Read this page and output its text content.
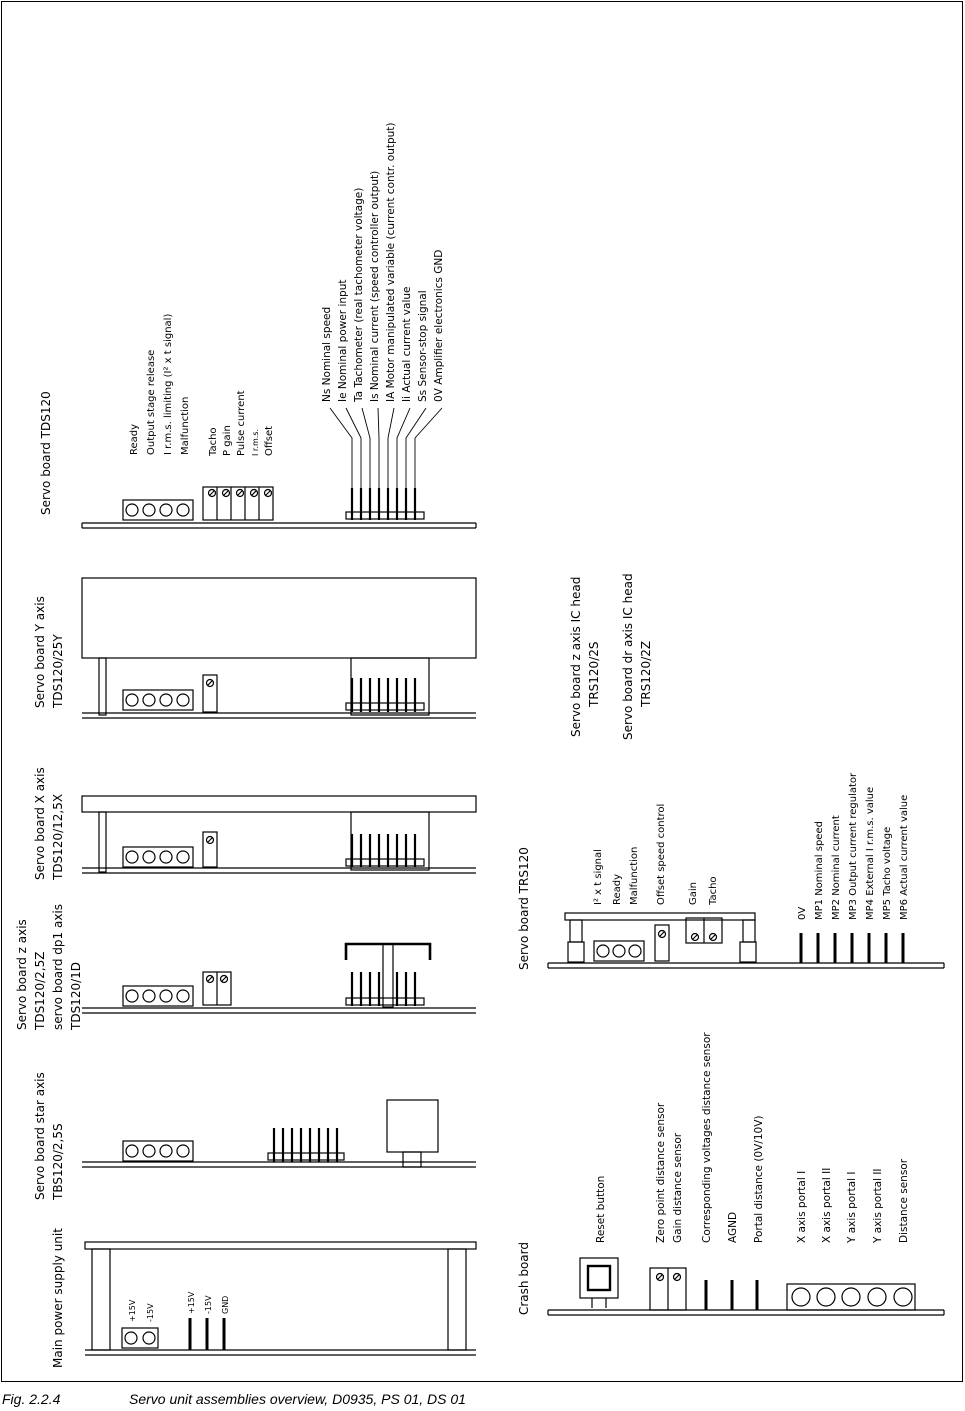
Servo board TDS120	Ready Output stage release I r.m.s. limiting (I² x t signal) Malfunction Tacho P gain Pulse current I r.m.s. Offset
Ns Nominal speed Ie Nominal power input Ta Tachometer (real tachometer voltage) Is Nominal current (speed controller output) IA Motor manipulated variable (current contr. output) Ii Actual current value Ss Sensor-stop signal 0V Amplifier electronics GND
Servo board Y axis TDS120/25Y
Servo board X axis TDS120/12,5X
Servo board z axis TDS120/2,5Z servo board dp1 axis TDS120/1D
Servo board star axis TBS120/2,5S
Main power supply unit	+15V -15V	+15V -15V GND
Servo board z axis IC head TRS120/2S Servo board dr axis IC head TRS120/2Z
Servo board TRS120	I² x t signal Ready Malfunction Offset speed control Gain Tacho
0V MP1 Nominal speed MP2 Nominal current MP3 Output current regulator MP4 External I r.m.s. value MP5 Tacho voltage MP6 Actual current value
Crash board
Reset button	Zero point distance sensor Gain distance sensor Corresponding voltages distance sensor AGND Portal distance (0V/10V)	X axis portal I X axis portal II Y axis portal I Y axis portal II Distance sensor
Fig. 2.2.4	Servo unit assemblies overview, D0935, PS 01, DS 01
